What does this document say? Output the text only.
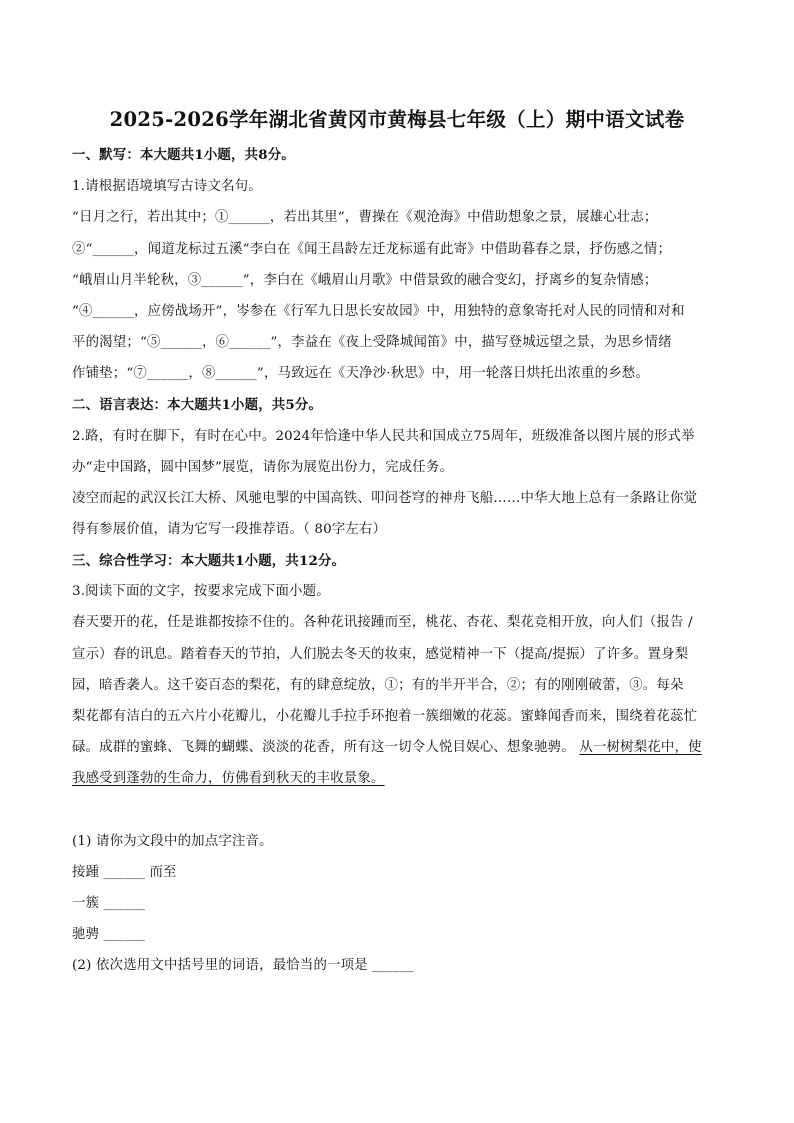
2025-2026学年湖北省黄冈市黄梅县七年级（上）期中语文试卷
一、默写：本大题共1小题，共8分。
1.请根据语境填写古诗文名句。
“日月之行，若出其中；①______，若出其里”，曹操在《观沧海》中借助想象之景，展雄心壮志；
②“______，闻道龙标过五溪”李白在《闻王昌龄左迁龙标遥有此寄》中借助暮春之景，抒伤感之情；
“峨眉山月半轮秋，③______”，李白在《峨眉山月歌》中借景致的融合变幻，抒离乡的复杂情感；
“④______，应傍战场开”，岑参在《行军九日思长安故园》中，用独特的意象寄托对人民的同情和对和
平的渴望；“⑤______，⑥______”，李益在《夜上受降城闻笛》中，描写登城远望之景，为思乡情绪
作铺垫；“⑦______，⑧______”，马致远在《天净沙·秋思》中，用一轮落日烘托出浓重的乡愁。
二、语言表达：本大题共1小题，共5分。
2.路，有时在脚下，有时在心中。2024年恰逢中华人民共和国成立75周年，班级准备以图片展的形式举
办“走中国路，圆中国梦”展览，请你为展览出份力，完成任务。
凌空而起的武汉长江大桥、风驰电掣的中国高铁、叩问苍穹的神舟飞船……中华大地上总有一条路让你觉
得有参展价值，请为它写一段推荐语。（ 80字左右）
三、综合性学习：本大题共1小题，共12分。
3.阅读下面的文字，按要求完成下面小题。
春天要开的花，任是谁都按捺不住的。各种花讯接踵而至，桃花、杏花、梨花竞相开放，向人们（报告 /
宣示）春的讯息。踏着春天的节拍，人们脱去冬天的妆束，感觉精神一下（提高/提振）了许多。置身梨
园，暗香袭人。这千姿百态的梨花，有的肆意绽放，①；有的半开半合，②；有的刚刚破蕾，③。每朵
梨花都有洁白的五六片小花瓣儿，小花瓣儿手拉手环抱着一簇细嫩的花蕊。蜜蜂闻香而来，围绕着花蕊忙
碌。成群的蜜蜂、飞舞的蝴蝶、淡淡的花香，所有这一切令人悦目娱心、想象驰骋。 从一树树梨花中，使
我感受到蓬勃的生命力，仿佛看到秋天的丰收景象。
(1) 请你为文段中的加点字注音。
接踵 ______ 而至
一簇 ______
驰骋 ______
(2) 依次选用文中括号里的词语，最恰当的一项是 ______
